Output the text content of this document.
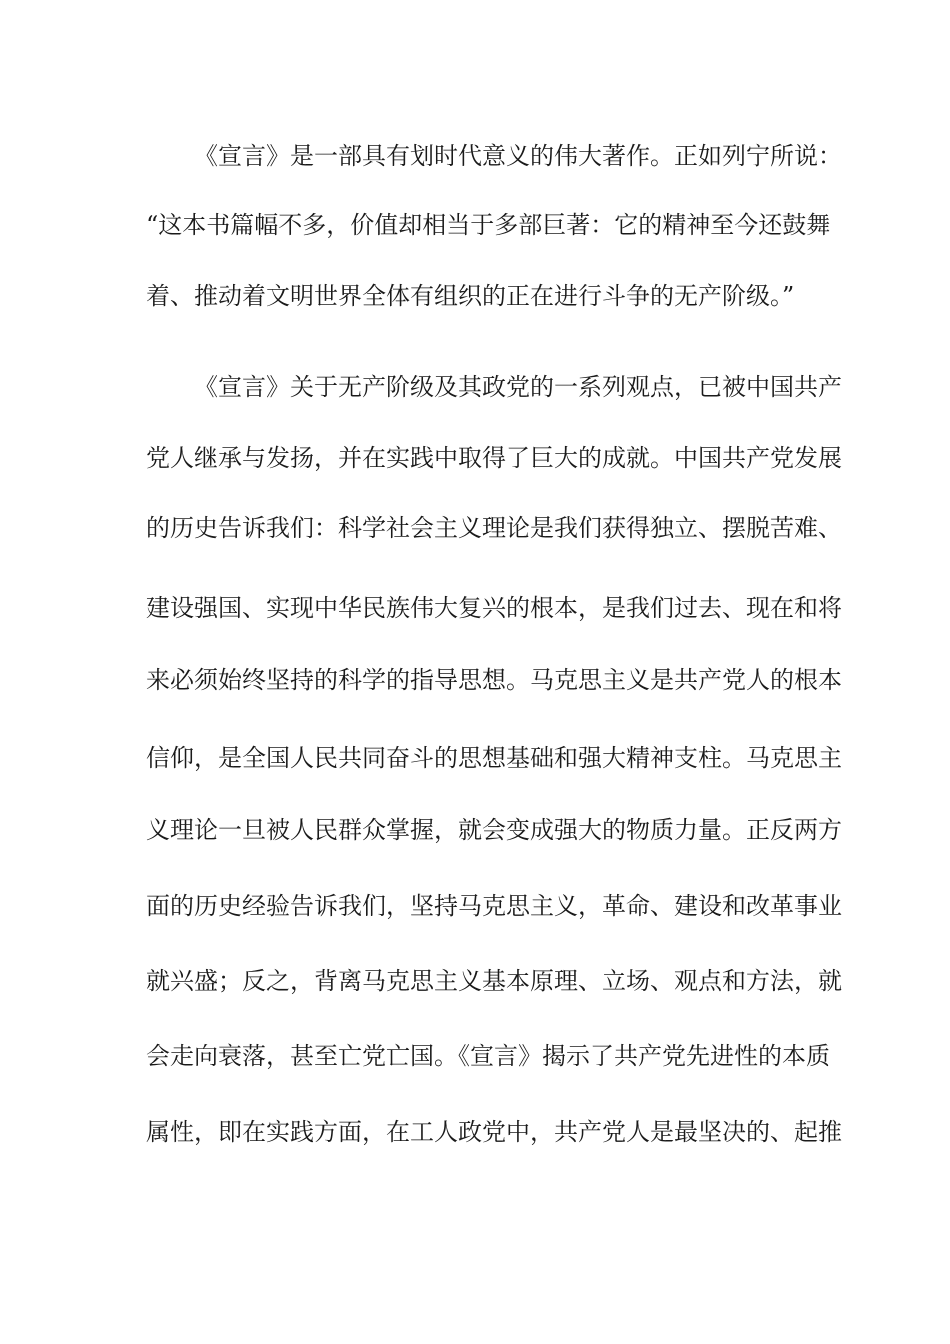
《宣言》是一部具有划时代意义的伟大著作。正如列宁所说：
“这本书篇幅不多，价值却相当于多部巨著：它的精神至今还鼓舞
着、推动着文明世界全体有组织的正在进行斗争的无产阶级。”
《宣言》关于无产阶级及其政党的一系列观点，已被中国共产
党人继承与发扬，并在实践中取得了巨大的成就。中国共产党发展
的历史告诉我们：科学社会主义理论是我们获得独立、摆脱苦难、
建设强国、实现中华民族伟大复兴的根本，是我们过去、现在和将
来必须始终坚持的科学的指导思想。马克思主义是共产党人的根本
信仰，是全国人民共同奋斗的思想基础和强大精神支柱。马克思主
义理论一旦被人民群众掌握，就会变成强大的物质力量。正反两方
面的历史经验告诉我们，坚持马克思主义，革命、建设和改革事业
就兴盛；反之，背离马克思主义基本原理、立场、观点和方法，就
会走向衰落，甚至亡党亡国。《宣言》揭示了共产党先进性的本质
属性，即在实践方面，在工人政党中，共产党人是最坚决的、起推
